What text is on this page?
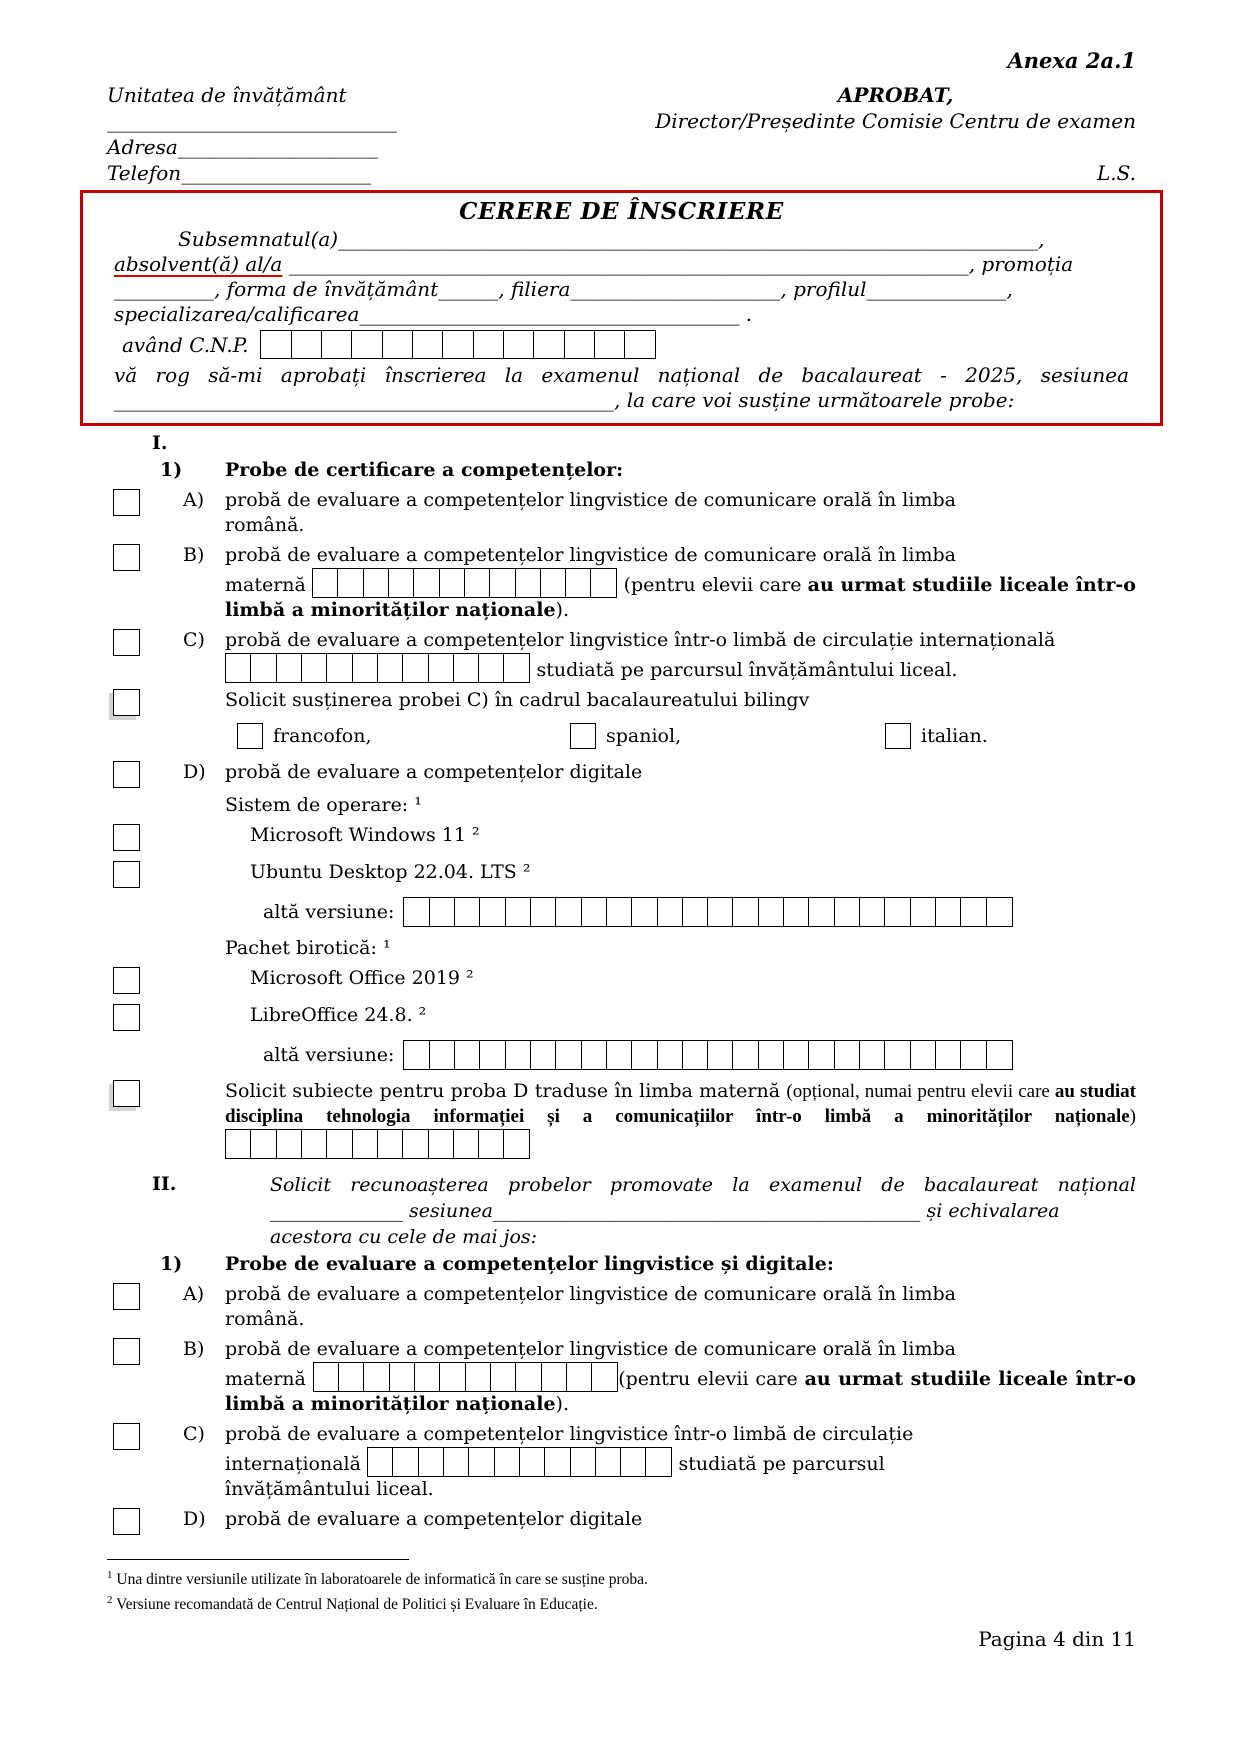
Anexa 2a.1
Unitatea de învățământ
_____________________________
Adresa____________________
Telefon___________________
APROBAT,
Director/Președinte Comisie Centru de examen
L.S.
CERERE DE ÎNSCRIERE
Subsemnatul(a)______________________________________________________________________,
absolvent(ă) al/a ____________________________________________________________________, promoția
__________, forma de învățământ______, filiera_____________________, profilul______________,
specializarea/calificarea______________________________________ .
având C.N.P.
vă rog să-mi aprobați înscrierea la examenul național de bacalaureat - 2025, sesiunea
__________________________________________________, la care voi susține următoarele probe:
I.
1)	Probe de certificare a competențelor:
A)	probă de evaluare a competențelor lingvistice de comunicare orală în limba
română.
B)	probă de evaluare a competențelor lingvistice de comunicare orală în limba
maternă	(pentru elevii care au urmat studiile liceale într-o limbă a minorităților naționale).
C)	probă de evaluare a competențelor lingvistice într-o limbă de circulație internațională

studiată pe parcursul învățământului liceal.
Solicit susținerea probei C) în cadrul bacalaureatului bilingv
francofon,	spaniol,	italian.
D)	probă de evaluare a competențelor digitale
Sistem de operare: ¹
Microsoft Windows 11 ²
Ubuntu Desktop 22.04. LTS ²
altă versiune:
Pachet birotică: ¹
Microsoft Office 2019 ²
LibreOffice 24.8. ²
altă versiune:
Solicit subiecte pentru proba D traduse în limba maternă (opțional, numai pentru elevii care au studiat disciplina tehnologia informației și a comunicațiilor într-o limbă a minorităților naționale)
II.	Solicit recunoașterea probelor promovate la examenul de bacalaureat național
______________ sesiunea_____________________________________________ și echivalarea
acestora cu cele de mai jos:
1)	Probe de evaluare a competențelor lingvistice și digitale:
A)	probă de evaluare a competențelor lingvistice de comunicare orală în limba
română.
B)	probă de evaluare a competențelor lingvistice de comunicare orală în limba
maternă	(pentru elevii care au urmat studiile liceale într-o limbă a minorităților naționale).
C)	probă de evaluare a competențelor lingvistice într-o limbă de circulație
internațională	studiată pe parcursul
învățământului liceal.
D)	probă de evaluare a competențelor digitale
$^1$ Una dintre versiunile utilizate în laboratoarele de informatică în care se susține proba.
$^2$ Versiune recomandată de Centrul Național de Politici și Evaluare în Educație.
Pagina 4 din 11
